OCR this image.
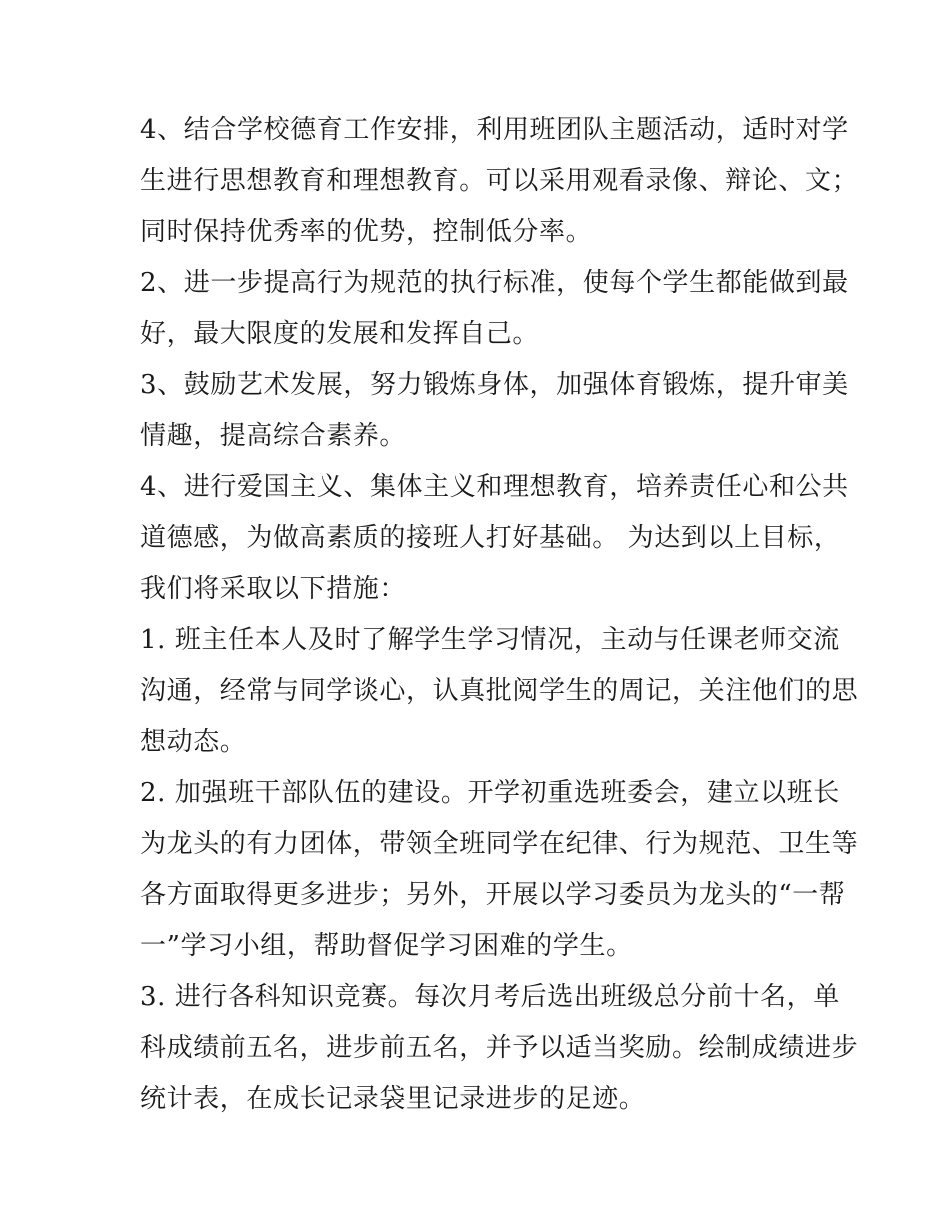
4、结合学校德育工作安排，利用班团队主题活动，适时对学
生进行思想教育和理想教育。可以采用观看录像、辩论、文；
同时保持优秀率的优势，控制低分率。
2、进一步提高行为规范的执行标准，使每个学生都能做到最
好，最大限度的发展和发挥自己。
3、鼓励艺术发展，努力锻炼身体，加强体育锻炼，提升审美
情趣，提高综合素养。
4、进行爱国主义、集体主义和理想教育，培养责任心和公共
道德感，为做高素质的接班人打好基础。 为达到以上目标，
我们将采取以下措施：
1. 班主任本人及时了解学生学习情况，主动与任课老师交流
沟通，经常与同学谈心，认真批阅学生的周记，关注他们的思
想动态。
2. 加强班干部队伍的建设。开学初重选班委会，建立以班长
为龙头的有力团体，带领全班同学在纪律、行为规范、卫生等
各方面取得更多进步；另外，开展以学习委员为龙头的“一帮
一”学习小组，帮助督促学习困难的学生。
3. 进行各科知识竞赛。每次月考后选出班级总分前十名，单
科成绩前五名，进步前五名，并予以适当奖励。绘制成绩进步
统计表，在成长记录袋里记录进步的足迹。
